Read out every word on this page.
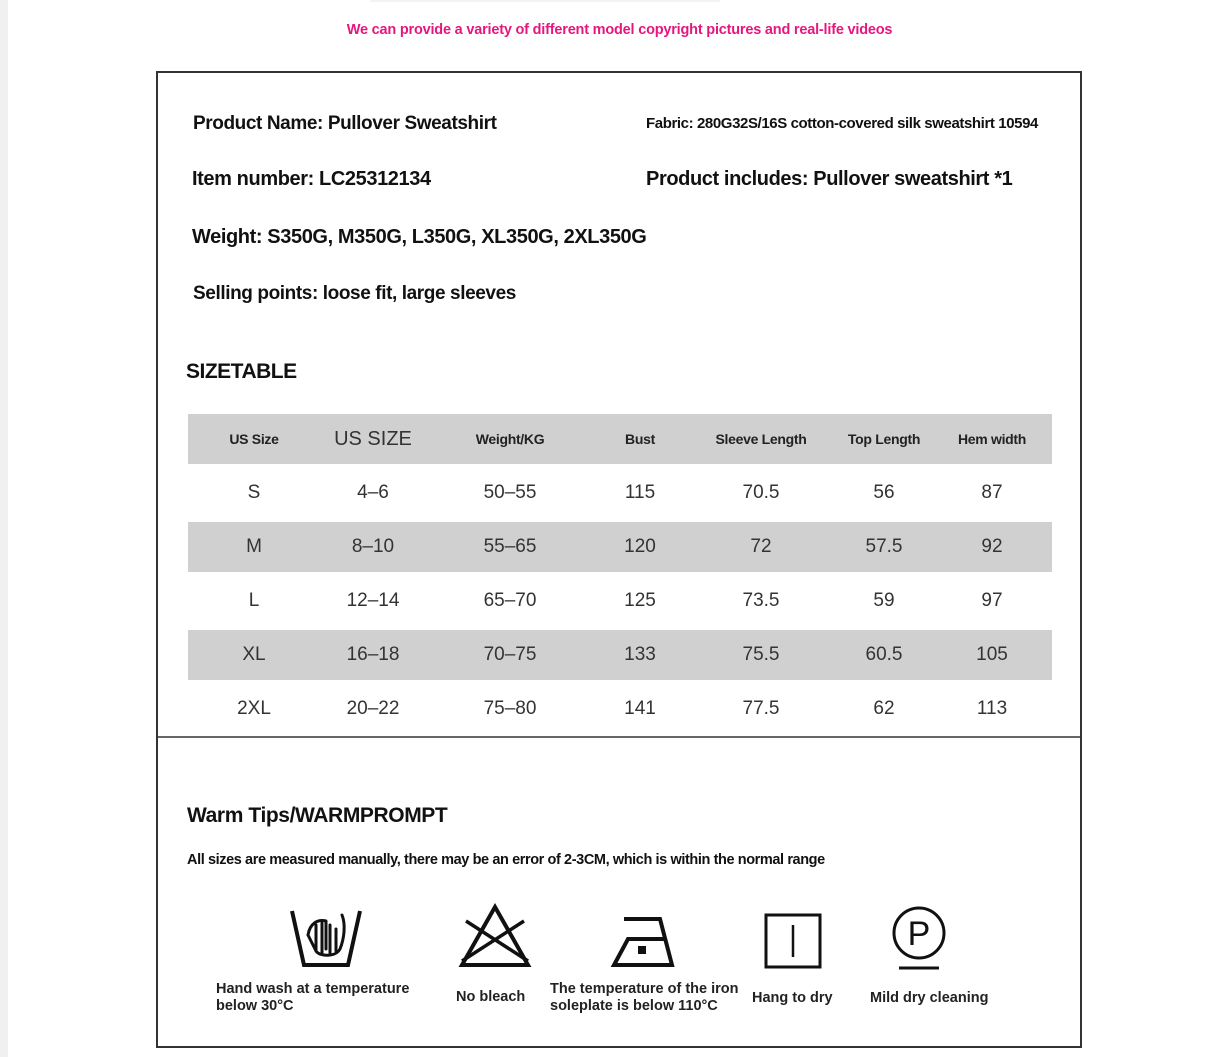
We can provide a variety of different model copyright pictures and real-life videos
Product Name: Pullover Sweatshirt	Fabric: 280G32S/16S cotton-covered silk sweatshirt 10594
Item number: LC25312134	Product includes: Pullover sweatshirt *1
Weight: S350G, M350G, L350G, XL350G, 2XL350G
Selling points: loose fit, large sleeves
SIZETABLE
US Size	US SIZE	Weight/KG	Bust	Sleeve Length	Top Length	Hem width
S	4–6	50–55	115	70.5	56	87
M	8–10	55–65	120	72	57.5	92
L	12–14	65–70	125	73.5	59	97
XL	16–18	70–75	133	75.5	60.5	105
2XL	20–22	75–80	141	77.5	62	113
Warm Tips/WARMPROMPT
All sizes are measured manually, there may be an error of 2-3CM, which is within the normal range
Hand wash at a temperature
below 30°C
No bleach The temperature of the iron
soleplate is below 110°C	Hang to dry
P
Mild dry cleaning
